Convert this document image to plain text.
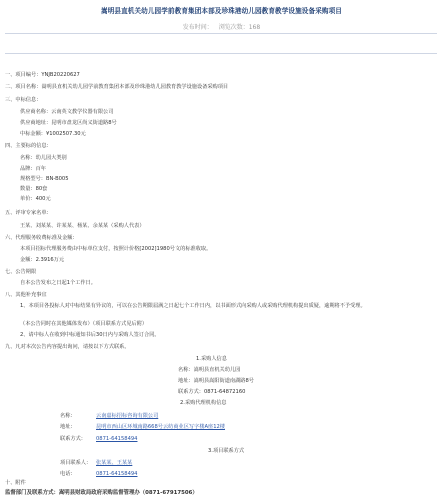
嵩明县直机关幼儿园学前教育集团本部及珍珠港幼儿园教育教学设施设备采购项目
发布时间： 浏览次数：168
一、项目编号：YNJB20220627
二、项目名称：嵩明县直机关幼儿园学前教育集团本部及珍珠港幼儿园教育教学设施设备采购项目
三、中标信息：
供应商名称：云南英文教学仪器有限公司
供应商地址：昆明市盘龙区尚义街道路8号
中标金额：¥1002507.30元
四、主要标的信息：
名称：幼儿园大类别
品牌：百年
规格型号：BN-B005
数量：80套
单价：400元
五、评审专家名单：
王某、刘某某、许某某、杨某、余某某（采购人代表）
六、代理服务收费标准及金额：
本项目招标代理服务费由中标单位支付，按照计价格[2002]1980号文的标准收取。
金额：2.3916万元
七、公告期限
自本公告发布之日起1个工作日。
八、其他补充事宜
1、本项目各投标人对中标结果有异议的，可以在公告期限届满之日起七个工作日内，以书面形式向采购人或采购代理机构提出质疑，逾期将不予受理。
（本公告同时在其他媒体发布）（项目联系方式见后附）
2、请中标人在收到中标通知书后30日内与采购人签订合同。
九、凡对本次公告内容提出询问，请按以下方式联系。
1.采购人信息
名称：嵩明县直机关幼儿园
地址：嵩明县嵩阳街道南湖路8号
联系方式：0871-64872160
2.采购代理机构信息
名称：	云南嘉标招标咨询有限公司
地址：	昆明市西山区环城南路668号云纺商业区写字楼A座12楼
联系方式： 0871-64158494
3.项目联系方式
项目联系人： 张某某、王某某
电话：	0871-64158494
十、附件
监督部门及联系方式：嵩明县财政局政府采购监督管理办（0871-67917506）
